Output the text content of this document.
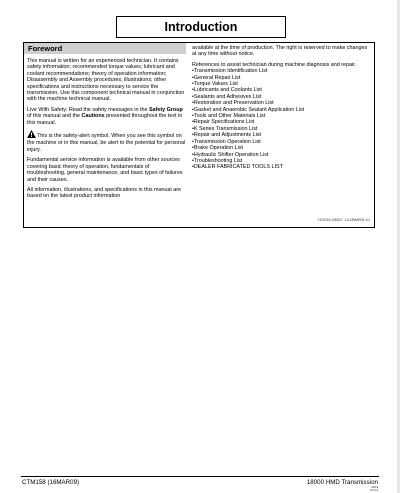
Introduction
Foreword

This manual is written for an experienced technician. It contains safety information; recommended torque values; lubricant and coolant recommendations; theory of operation information; Disassembly and Assembly procedures; illustrations; other specifications and instructions necessary to service the transmission. Use this component technical manual in conjunction with the machine technical manual.

Live With Safety: Read the safety messages in the Safety Group of this manual and the Cautions presented throughout the text in this manual.

This is the safety-alert symbol. When you see this symbol on the machine or in this manual, be alert to the potential for personal injury.

Fundamental service information is available from other sources covering basic theory of operation, fundamentals of troubleshooting, general maintenance, and basic types of failures and their causes.

All information, illustrations, and specifications in this manual are based on the latest product information

available at the time of production. The right is reserved to make changes at any time without notice.

References to assist technician during machine diagnosis and repair.

• Transmission Identification List
• General Repair List
• Torque Values List
• Lubricants and Coolants List
• Sealants and Adhesives List
• Restoration and Preservation List
• Gasket and Anaerobic Sealant Application List
• Tools and Other Materials List
• Repair Specifications List
• K Series Transmission List
• Repair and Adjustments List
• Transmission Operation List
• Brake Operation List
• Hydraulic Shifter Operation List
• Troubleshooting List
• DEALER FABRICATED TOOLS LIST
YZ01004,000007 -19-19MAR09-1/1
CTM158 (16MAR09)	18000 HMD Transmission
0004
PN=3
